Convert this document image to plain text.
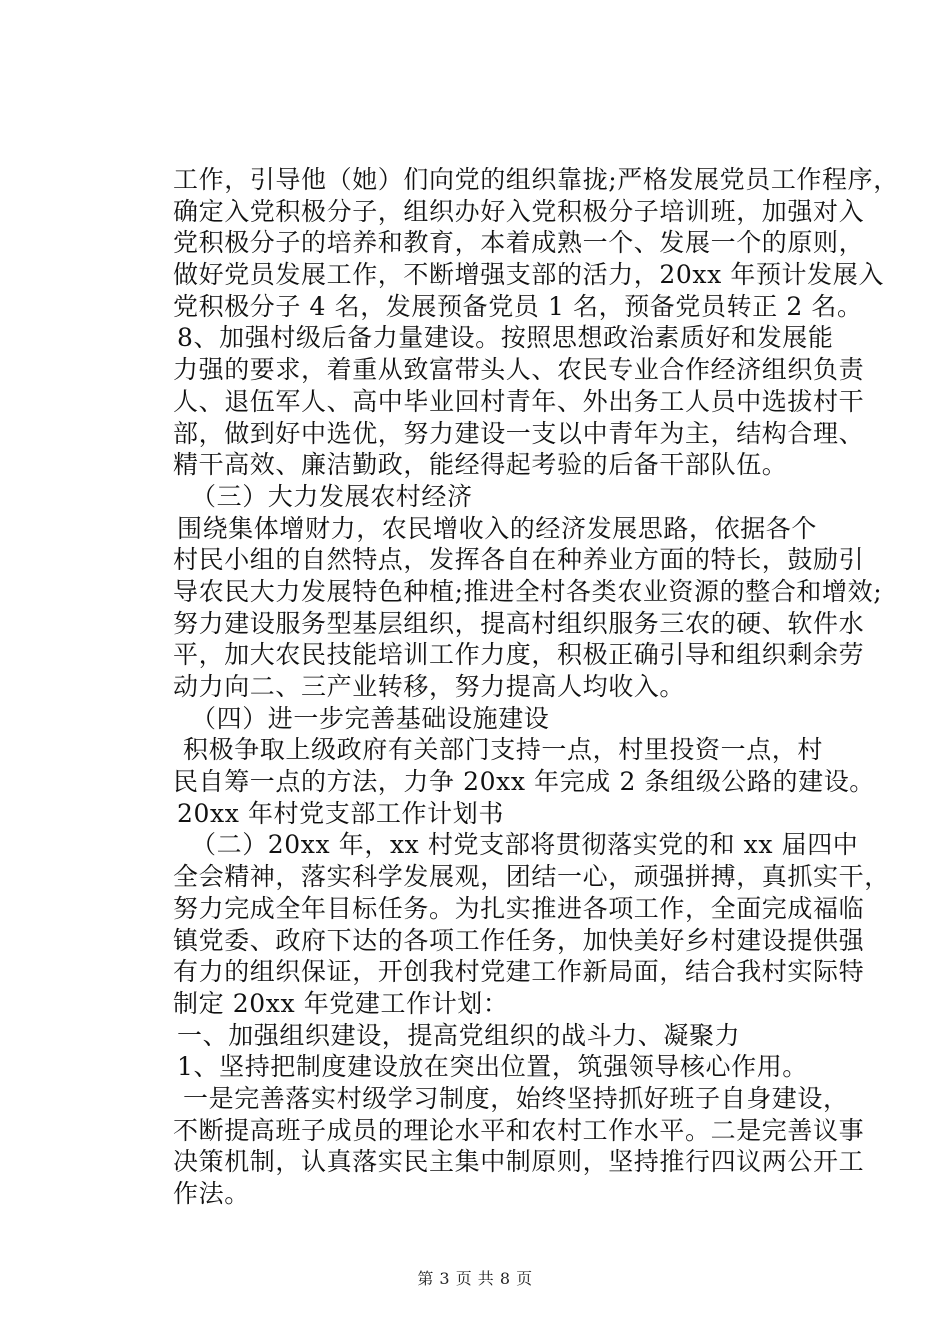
工作，引导他（她）们向党的组织靠拢;严格发展党员工作程序，
确定入党积极分子，组织办好入党积极分子培训班，加强对入
党积极分子的培养和教育，本着成熟一个、发展一个的原则，
做好党员发展工作，不断增强支部的活力，20xx 年预计发展入
党积极分子 4 名，发展预备党员 1 名，预备党员转正 2 名。
8、加强村级后备力量建设。按照思想政治素质好和发展能
力强的要求，着重从致富带头人、农民专业合作经济组织负责
人、退伍军人、高中毕业回村青年、外出务工人员中选拔村干
部，做到好中选优，努力建设一支以中青年为主，结构合理、
精干高效、廉洁勤政，能经得起考验的后备干部队伍。
（三）大力发展农村经济
围绕集体增财力，农民增收入的经济发展思路，依据各个
村民小组的自然特点，发挥各自在种养业方面的特长，鼓励引
导农民大力发展特色种植;推进全村各类农业资源的整合和增效;
努力建设服务型基层组织，提高村组织服务三农的硬、软件水
平，加大农民技能培训工作力度，积极正确引导和组织剩余劳
动力向二、三产业转移，努力提高人均收入。
（四）进一步完善基础设施建设
积极争取上级政府有关部门支持一点，村里投资一点，村
民自筹一点的方法，力争 20xx 年完成 2 条组级公路的建设。
20xx 年村党支部工作计划书
（二）20xx 年，xx 村党支部将贯彻落实党的和 xx 届四中
全会精神，落实科学发展观，团结一心，顽强拼搏，真抓实干，
努力完成全年目标任务。为扎实推进各项工作，全面完成福临
镇党委、政府下达的各项工作任务，加快美好乡村建设提供强
有力的组织保证，开创我村党建工作新局面，结合我村实际特
制定 20xx 年党建工作计划：
一、加强组织建设，提高党组织的战斗力、凝聚力
1、坚持把制度建设放在突出位置，筑强领导核心作用。
一是完善落实村级学习制度，始终坚持抓好班子自身建设，
不断提高班子成员的理论水平和农村工作水平。二是完善议事
决策机制，认真落实民主集中制原则，坚持推行四议两公开工
作法。
第 3 页 共 8 页
